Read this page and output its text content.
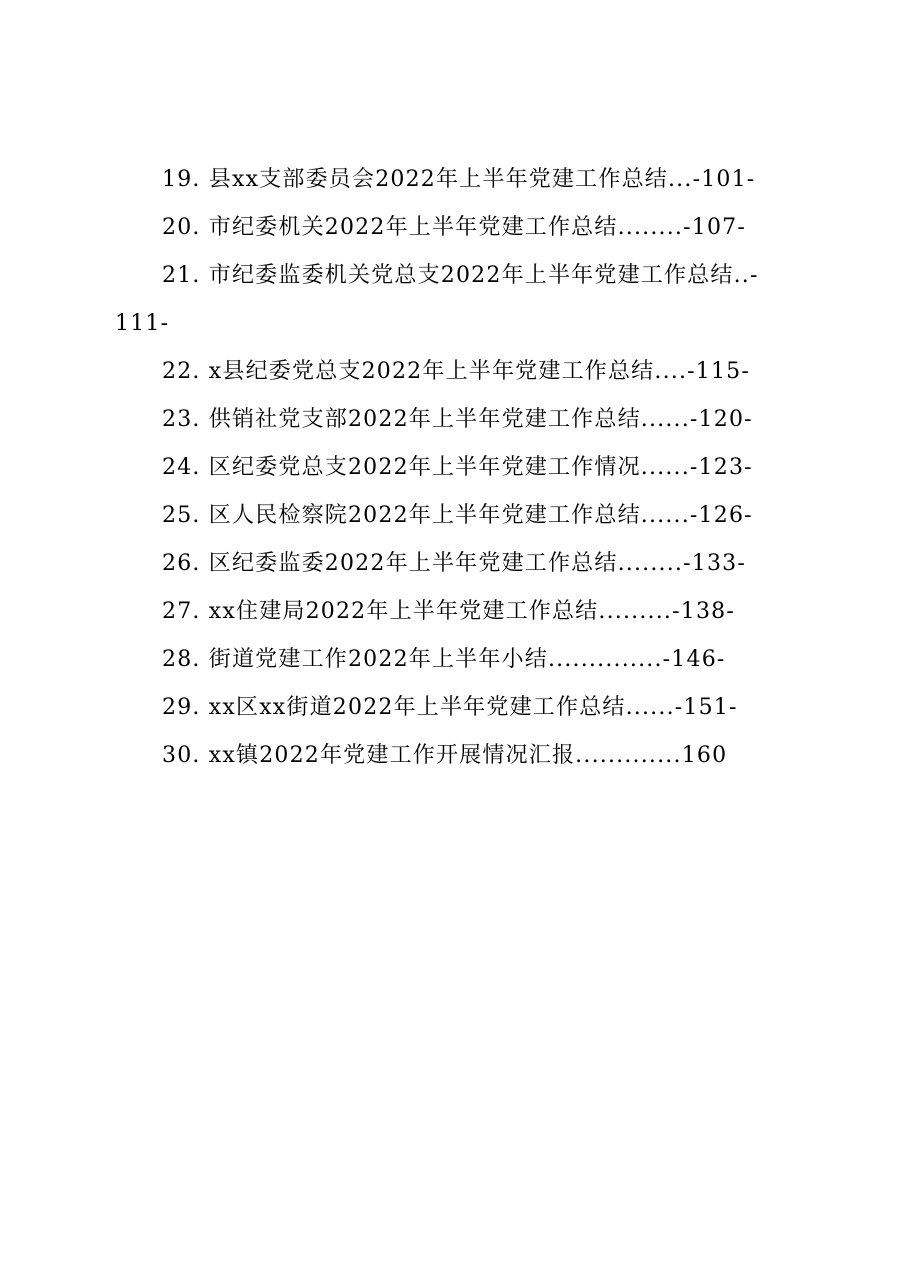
19. 县xx支部委员会2022年上半年党建工作总结...-101-
20. 市纪委机关2022年上半年党建工作总结........-107-
21. 市纪委监委机关党总支2022年上半年党建工作总结..-
111-
22. x县纪委党总支2022年上半年党建工作总结....-115-
23. 供销社党支部2022年上半年党建工作总结......-120-
24. 区纪委党总支2022年上半年党建工作情况......-123-
25. 区人民检察院2022年上半年党建工作总结......-126-
26. 区纪委监委2022年上半年党建工作总结........-133-
27. xx住建局2022年上半年党建工作总结.........-138-
28. 街道党建工作2022年上半年小结..............-146-
29. xx区xx街道2022年上半年党建工作总结......-151-
30. xx镇2022年党建工作开展情况汇报.............160
